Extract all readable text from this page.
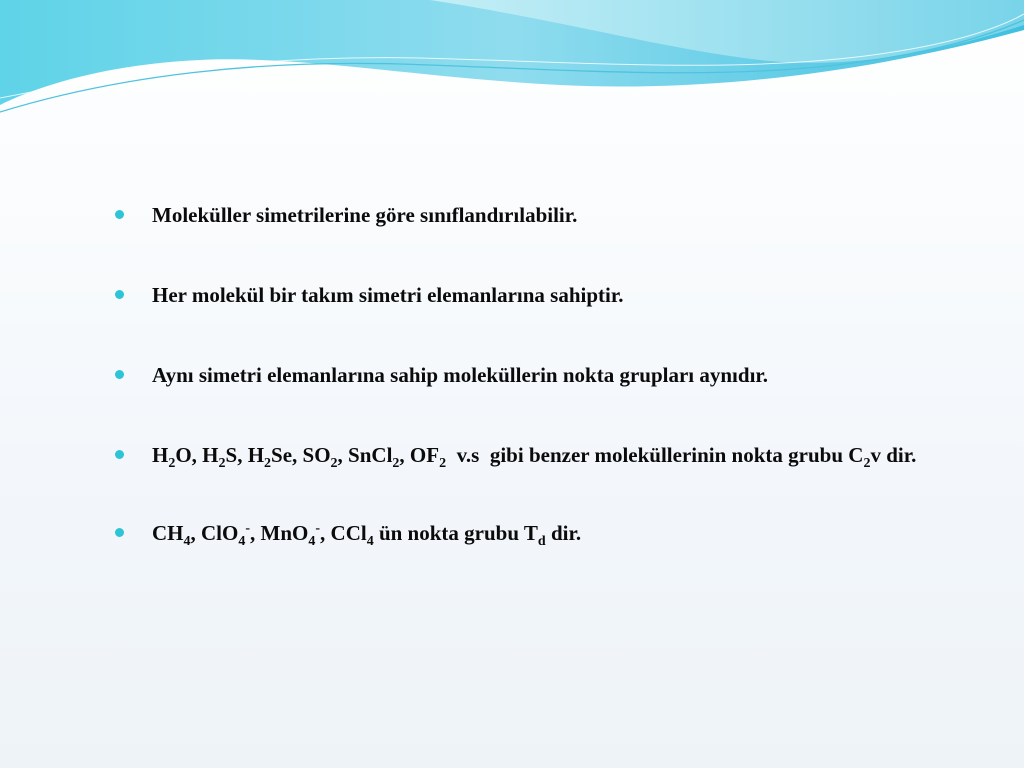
Moleküller simetrilerine göre sınıflandırılabilir.
Her molekül bir takım simetri elemanlarına sahiptir.
Aynı simetri elemanlarına sahip moleküllerin nokta grupları aynıdır.
$H_2O$, $H_2S$, $H_2Se$, $SO_2$, SnCl$_2$, $OF_2$  v.s  gibi benzer moleküllerinin nokta grubu $C_2v$ dir.
$CH_4$, ClO$_4$-, MnO$_4$-, CCl$_4$ ün nokta grubu $T_d$ dir.
